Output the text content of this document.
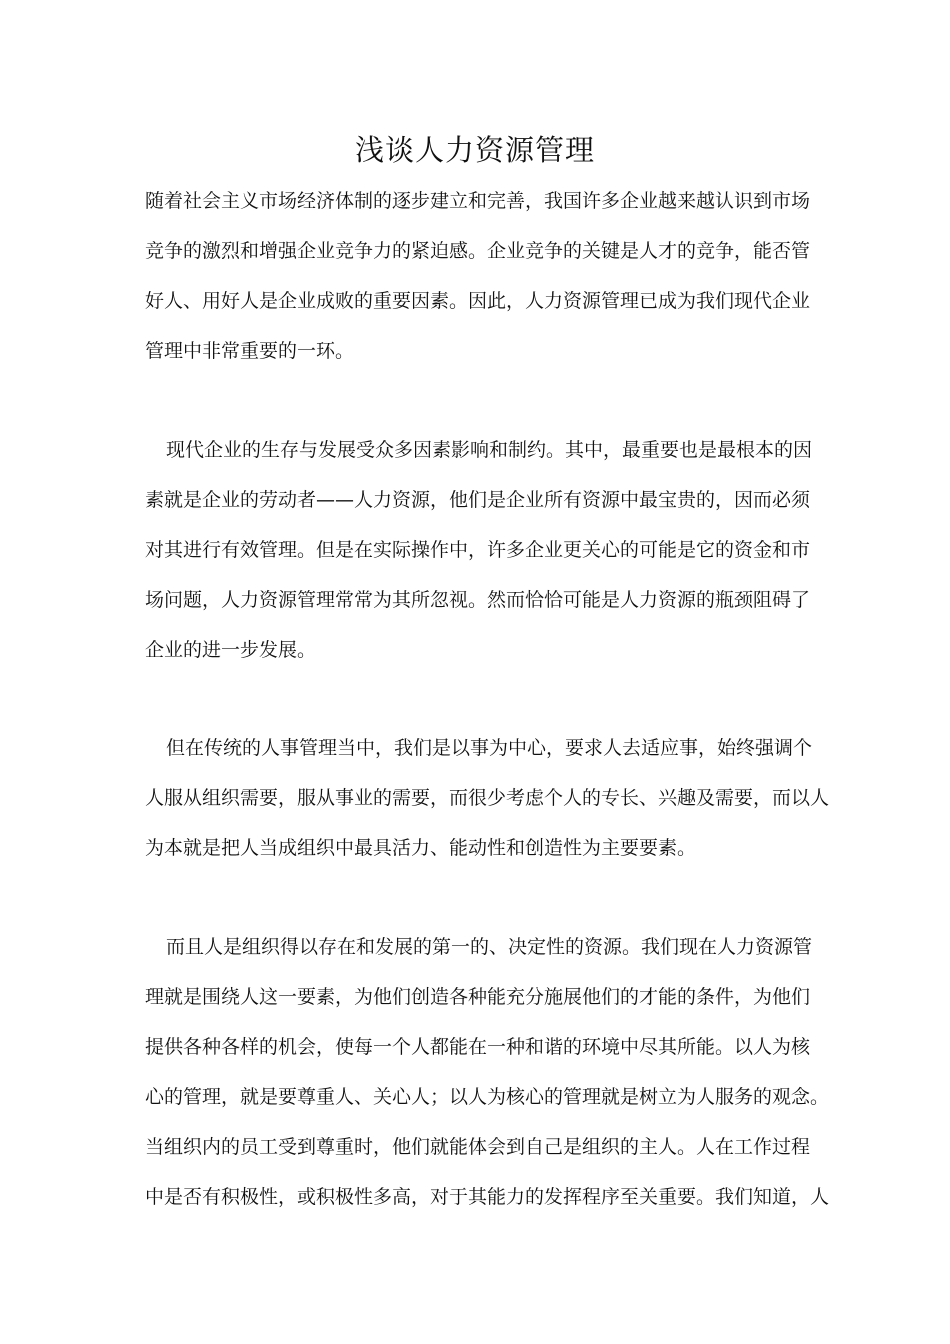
浅谈人力资源管理
随着社会主义市场经济体制的逐步建立和完善，我国许多企业越来越认识到市场
竞争的激烈和增强企业竞争力的紧迫感。企业竞争的关键是人才的竞争，能否管
好人、用好人是企业成败的重要因素。因此，人力资源管理已成为我们现代企业
管理中非常重要的一环。
现代企业的生存与发展受众多因素影响和制约。其中，最重要也是最根本的因
素就是企业的劳动者——人力资源，他们是企业所有资源中最宝贵的，因而必须
对其进行有效管理。但是在实际操作中，许多企业更关心的可能是它的资金和市
场问题，人力资源管理常常为其所忽视。然而恰恰可能是人力资源的瓶颈阻碍了
企业的进一步发展。
但在传统的人事管理当中，我们是以事为中心，要求人去适应事，始终强调个
人服从组织需要，服从事业的需要，而很少考虑个人的专长、兴趣及需要，而以人
为本就是把人当成组织中最具活力、能动性和创造性为主要要素。
而且人是组织得以存在和发展的第一的、决定性的资源。我们现在人力资源管
理就是围绕人这一要素，为他们创造各种能充分施展他们的才能的条件，为他们
提供各种各样的机会，使每一个人都能在一种和谐的环境中尽其所能。以人为核
心的管理，就是要尊重人、关心人；以人为核心的管理就是树立为人服务的观念。
当组织内的员工受到尊重时，他们就能体会到自己是组织的主人。人在工作过程
中是否有积极性，或积极性多高，对于其能力的发挥程序至关重要。我们知道，人
